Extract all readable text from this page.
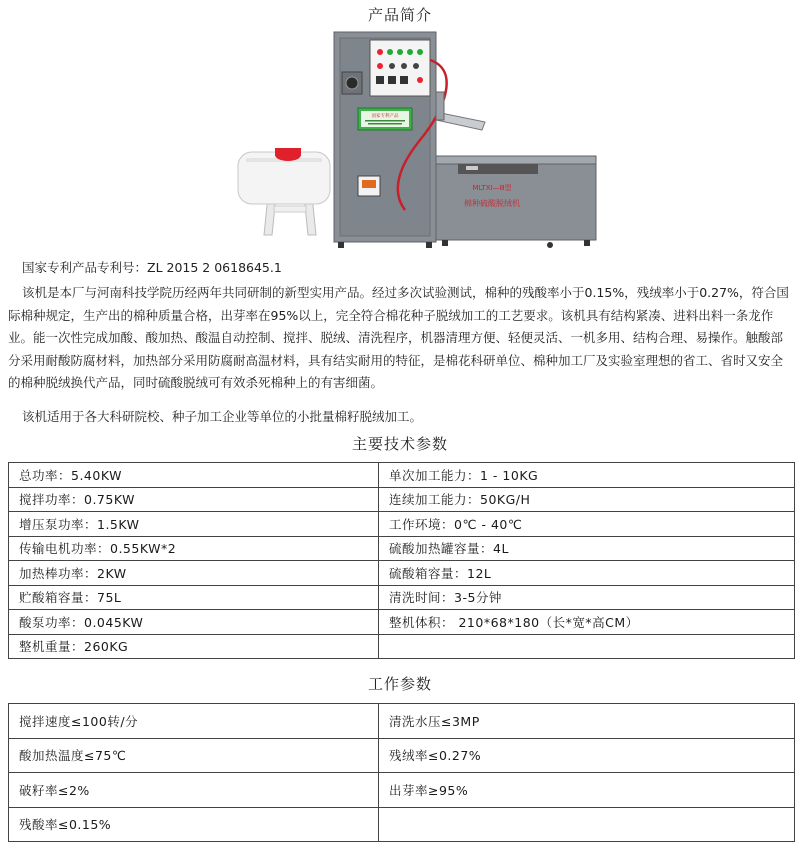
产品简介
国家专利产品
MLTXI—Ⅲ型
棉种硫酸脱绒机
国家专利产品专利号：ZL 2015 2 0618645.1
该机是本厂与河南科技学院历经两年共同研制的新型实用产品。经过多次试验测试，棉种的残酸率小于0.15%，残绒率小于0.27%，符合国际棉种规定，生产出的棉种质量合格，出芽率在95%以上，完全符合棉花种子脱绒加工的工艺要求。该机具有结构紧凑、进料出料一条龙作业。能一次性完成加酸、酸加热、酸温自动控制、搅拌、脱绒、清洗程序，机器清理方便、轻便灵活、一机多用、结构合理、易操作。触酸部分采用耐酸防腐材料，加热部分采用防腐耐高温材料，具有结实耐用的特征，是棉花科研单位、棉种加工厂及实验室理想的省工、省时又安全的棉种脱绒换代产品，同时硫酸脱绒可有效杀死棉种上的有害细菌。
该机适用于各大科研院校、种子加工企业等单位的小批量棉籽脱绒加工。
主要技术参数
总功率：5.40KW	单次加工能力：1 - 10KG
搅拌功率：0.75KW	连续加工能力：50KG/H
增压泵功率：1.5KW	工作环境：0℃ - 40℃
传输电机功率：0.55KW*2	硫酸加热罐容量：4L
加热棒功率：2KW	硫酸箱容量：12L
贮酸箱容量：75L	清洗时间：3-5分钟
酸泵功率：0.045KW	整机体积： 210*68*180（长*宽*高CM）
整机重量：260KG	
工作参数
搅拌速度≤100转/分	清洗水压≤3MP
酸加热温度≤75℃	残绒率≤0.27%
破籽率≤2%	出芽率≥95%
残酸率≤0.15%	
